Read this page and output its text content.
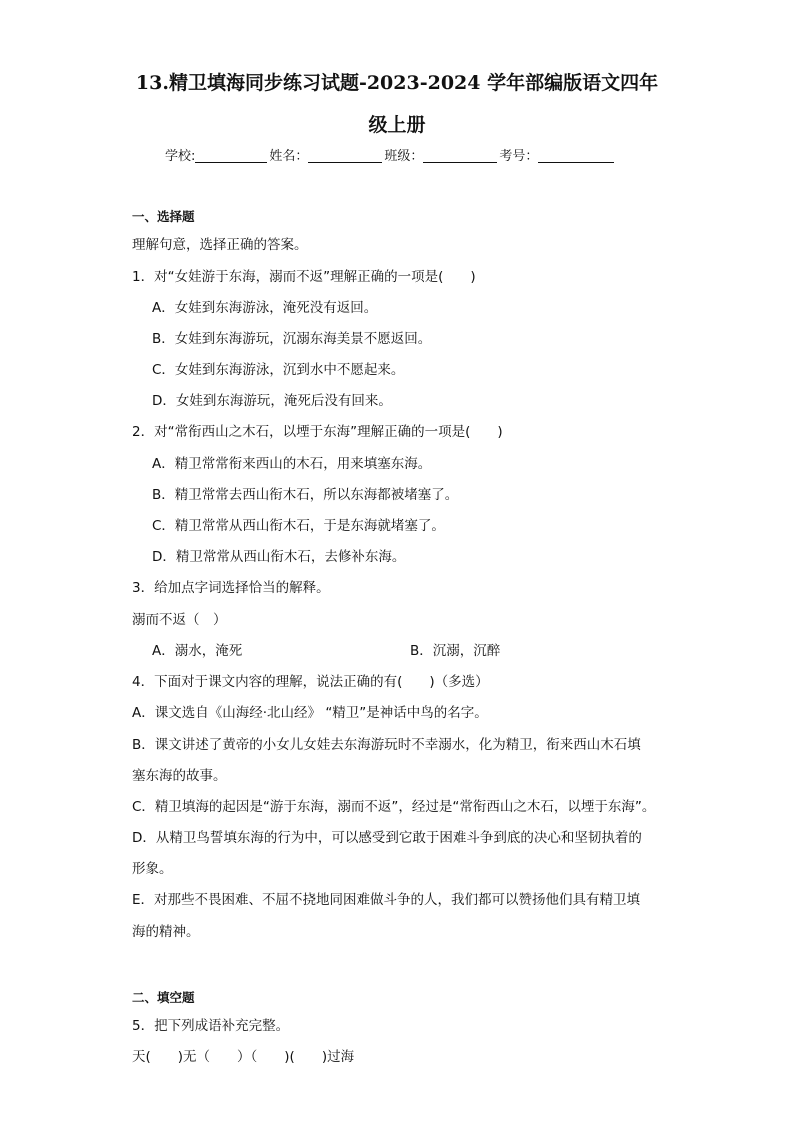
13.精卫填海同步练习试题-2023-2024 学年部编版语文四年
级上册
学校:	姓名：	班级：	考号：
一、选择题
理解句意，选择正确的答案。
1．对“女娃游于东海，溺而不返”理解正确的一项是(　　)
A．女娃到东海游泳，淹死没有返回。
B．女娃到东海游玩，沉溺东海美景不愿返回。
C．女娃到东海游泳，沉到水中不愿起来。
D．女娃到东海游玩，淹死后没有回来。
2．对“常衔西山之木石，以堙于东海”理解正确的一项是(　　)
A．精卫常常衔来西山的木石，用来填塞东海。
B．精卫常常去西山衔木石，所以东海都被堵塞了。
C．精卫常常从西山衔木石，于是东海就堵塞了。
D．精卫常常从西山衔木石，去修补东海。
3．给加点字词选择恰当的解释。
溺而不返（　）
A．溺水，淹死	B．沉溺，沉醉
4．下面对于课文内容的理解，说法正确的有(　　)（多选）
A．课文选自《山海经·北山经》 “精卫”是神话中鸟的名字。
B．课文讲述了黄帝的小女儿女娃去东海游玩时不幸溺水，化为精卫，衔来西山木石填
塞东海的故事。
C．精卫填海的起因是“游于东海，溺而不返”，经过是“常衔西山之木石，以堙于东海”。
D．从精卫鸟誓填东海的行为中，可以感受到它敢于困难斗争到底的决心和坚韧执着的
形象。
E．对那些不畏困难、不屈不挠地同困难做斗争的人，我们都可以赞扬他们具有精卫填
海的精神。
二、填空题
5．把下列成语补充完整。
天(　　)无（　　）（　　)(　　)过海
